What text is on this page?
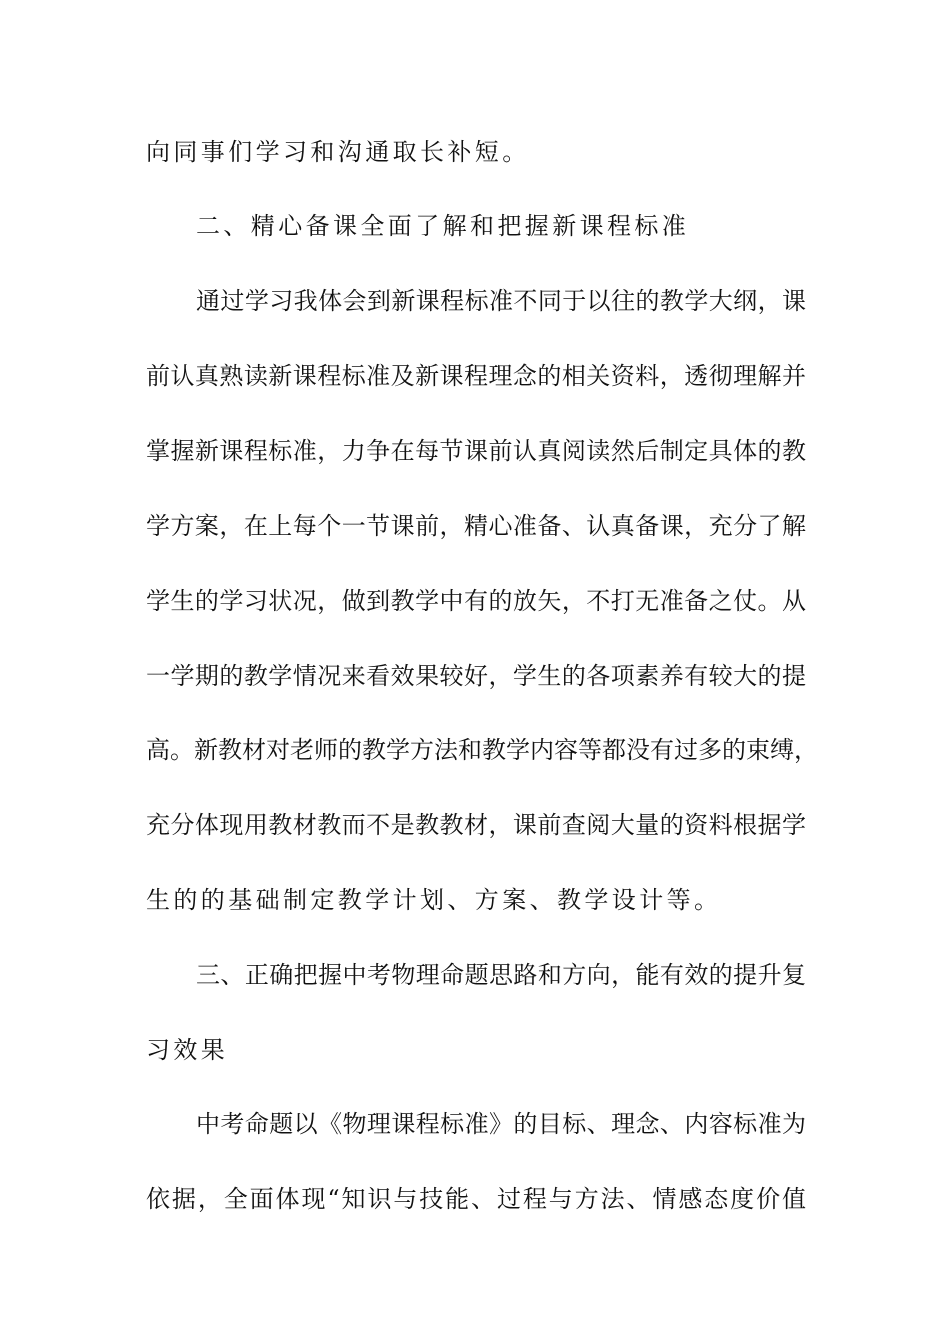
向同事们学习和沟通取长补短。
二、精心备课全面了解和把握新课程标准
通过学习我体会到新课程标准不同于以往的教学大纲，课
前认真熟读新课程标准及新课程理念的相关资料，透彻理解并
掌握新课程标准，力争在每节课前认真阅读然后制定具体的教
学方案，在上每个一节课前，精心准备、认真备课，充分了解
学生的学习状况，做到教学中有的放矢，不打无准备之仗。从
一学期的教学情况来看效果较好，学生的各项素养有较大的提
高。新教材对老师的教学方法和教学内容等都没有过多的束缚，
充分体现用教材教而不是教教材，课前查阅大量的资料根据学
生的的基础制定教学计划、方案、教学设计等。
三、正确把握中考物理命题思路和方向，能有效的提升复
习效果
中考命题以《物理课程标准》的目标、理念、内容标准为
依据，全面体现“知识与技能、过程与方法、情感态度价值
